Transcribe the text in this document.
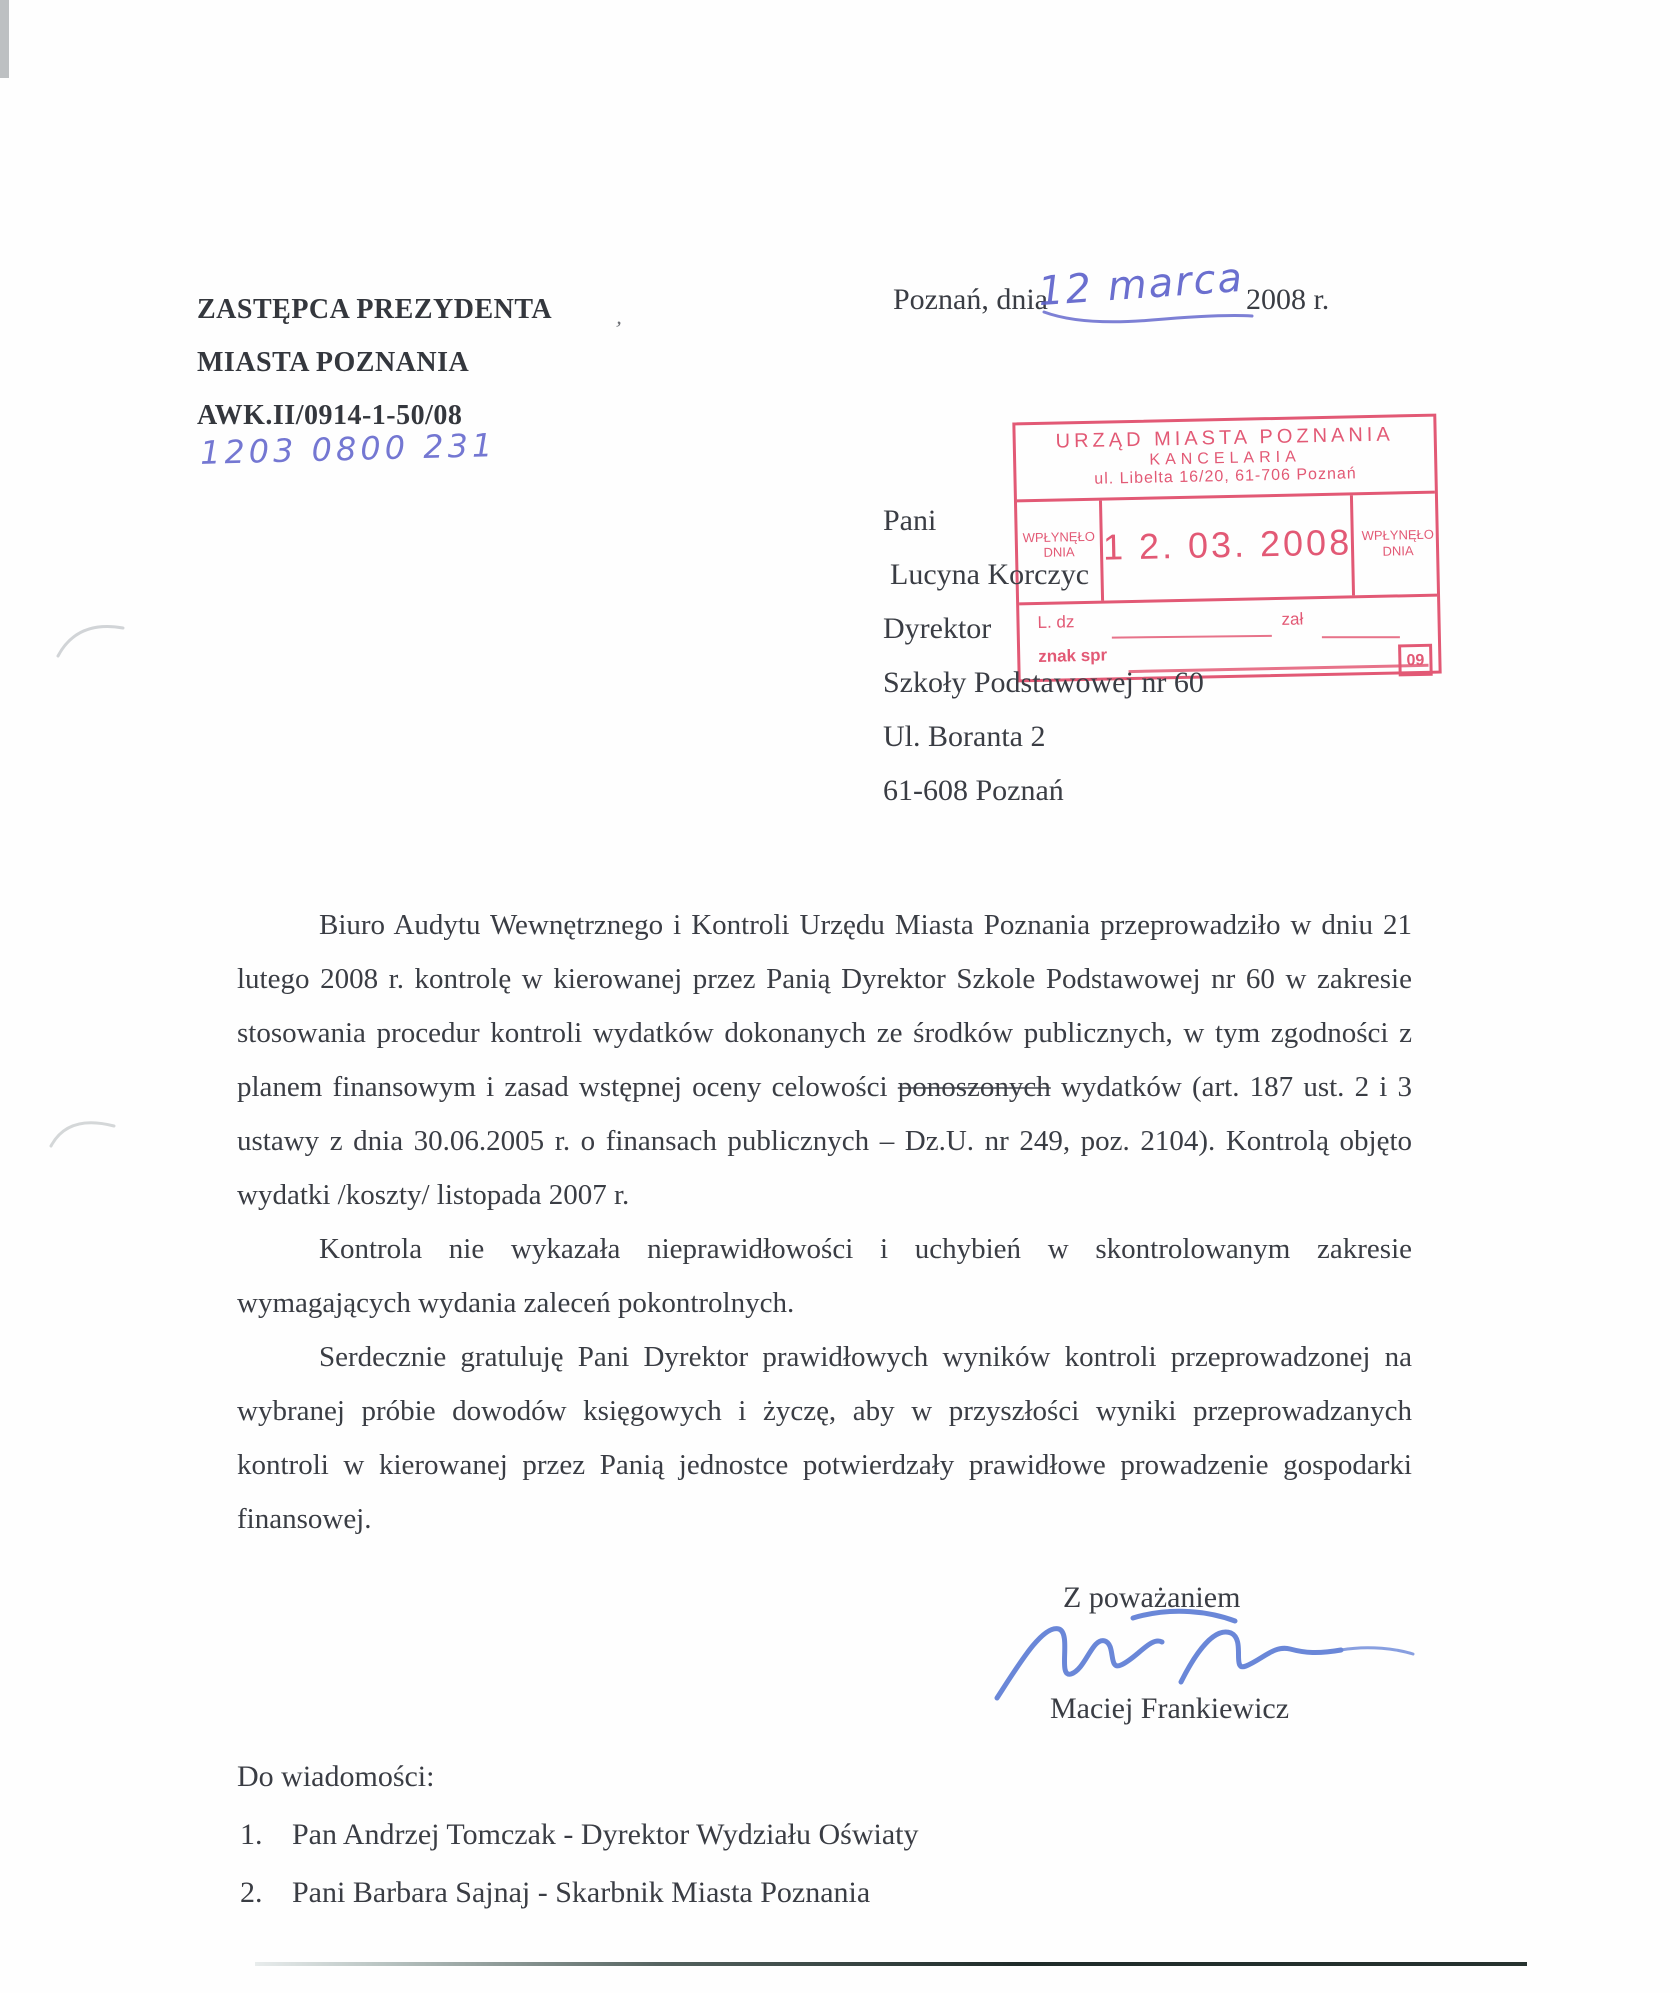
ZASTĘPCA PREZYDENTA
MIASTA POZNANIA
AWK.II/0914-1-50/08
1203 0800 231
ʼ
Poznań, dnia	2008 r.
12 marca
URZĄD MIASTA POZNANIA
KANCELARIA
ul. Libelta 16/20, 61-706 Poznań
WPŁYNĘŁO
DNIA 1 2. 03. 2008 WPŁYNĘŁO
DNIA
L. dz	zał
znak spr	09
Pani
Lucyna Korczyc
Dyrektor
Szkoły Podstawowej nr 60
Ul. Boranta 2
61-608 Poznań

Biuro Audytu Wewnętrznego i Kontroli Urzędu Miasta Poznania przeprowadziło w dniu 21 lutego 2008 r. kontrolę w kierowanej przez Panią Dyrektor Szkole Podstawowej nr 60 w zakresie stosowania procedur kontroli wydatków dokonanych ze środków publicznych, w tym zgodności z planem finansowym i zasad wstępnej oceny celowości ponoszonych wydatków (art. 187 ust. 2 i 3 ustawy z dnia 30.06.2005 r. o finansach publicznych – Dz.U. nr 249, poz. 2104). Kontrolą objęto wydatki /koszty/ listopada 2007 r.

Kontrola nie wykazała nieprawidłowości i uchybień w skontrolowanym zakresie wymagających wydania zaleceń pokontrolnych.

Serdecznie gratuluję Pani Dyrektor prawidłowych wyników kontroli przeprowadzonej na wybranej próbie dowodów księgowych i życzę, aby w przyszłości wyniki przeprowadzanych kontroli w kierowanej przez Panią jednostce potwierdzały prawidłowe prowadzenie gospodarki finansowej.

Z poważaniem
Maciej Frankiewicz
Do wiadomości:
1. Pan Andrzej Tomczak - Dyrektor Wydziału Oświaty
2. Pani Barbara Sajnaj - Skarbnik Miasta Poznania
